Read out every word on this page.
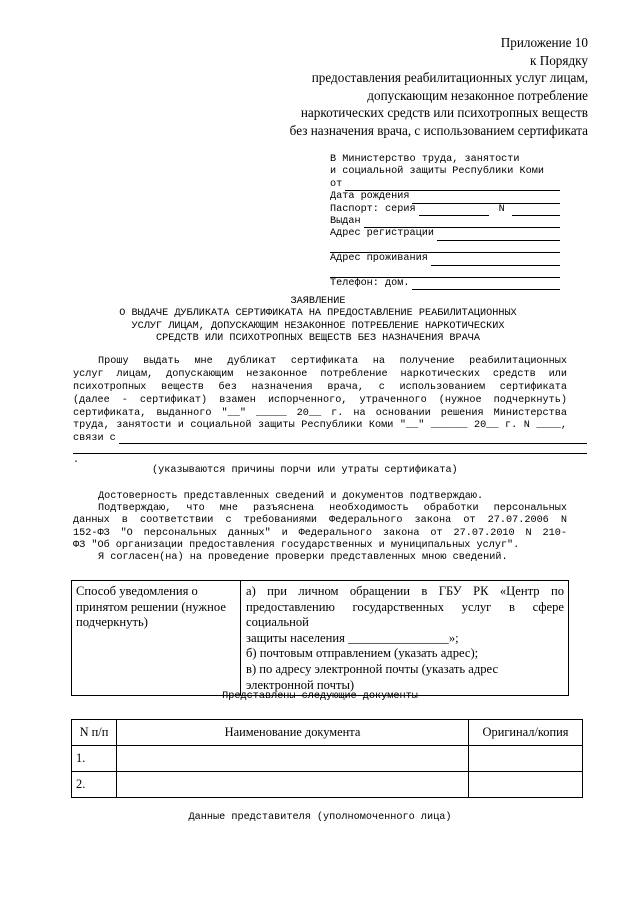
Приложение 10
к Порядку
предоставления реабилитационных услуг лицам,
допускающим незаконное потребление
наркотических средств или психотропных веществ
без назначения врача, с использованием сертификата
В Министерство труда, занятости
и социальной защиты Республики Коми
от
Дата рождения
Паспорт: серия	N
Выдан
Адрес регистрации
Адрес проживания
Телефон: дом.
ЗАЯВЛЕНИЕ
О ВЫДАЧЕ ДУБЛИКАТА СЕРТИФИКАТА НА ПРЕДОСТАВЛЕНИЕ РЕАБИЛИТАЦИОННЫХ
УСЛУГ ЛИЦАМ, ДОПУСКАЮЩИМ НЕЗАКОННОЕ ПОТРЕБЛЕНИЕ НАРКОТИЧЕСКИХ
СРЕДСТВ ИЛИ ПСИХОТРОПНЫХ ВЕЩЕСТВ БЕЗ НАЗНАЧЕНИЯ ВРАЧА
Прошу выдать мне дубликат сертификата на получение реабилитационных
услуг лицам, допускающим незаконное потребление наркотических средств или
психотропных веществ без назначения врача, с использованием сертификата
(далее - сертификат) взамен испорченного, утраченного (нужное подчеркнуть)
сертификата, выданного "__" _____ 20__ г. на основании решения Министерства
труда, занятости и социальной защиты Республики Коми "__" ______ 20__ г. N ____,
связи с
.
(указываются причины порчи или утраты сертификата)
Достоверность представленных сведений и документов подтверждаю.
Подтверждаю, что мне разъяснена необходимость обработки персональных
данных в соответствии с требованиями Федерального закона от 27.07.2006 N
152-ФЗ "О персональных данных" и Федерального закона от 27.07.2010 N 210-
ФЗ "Об организации предоставления государственных и муниципальных услуг".
Я согласен(на) на проведение проверки представленных мною сведений.
Способ уведомления о принятом решении (нужное подчеркнуть)	
а) при личном обращении в ГБУ РК «Центр по
предоставлению государственных услуг в сфере социальной
защиты населения ________________»;
б) почтовым отправлением (указать адрес);
в) по адресу электронной почты (указать адрес электронной почты)
Представлены следующие документы
N п/п	Наименование документа	Оригинал/копия
1.		
2.		
Данные представителя (уполномоченного лица)
